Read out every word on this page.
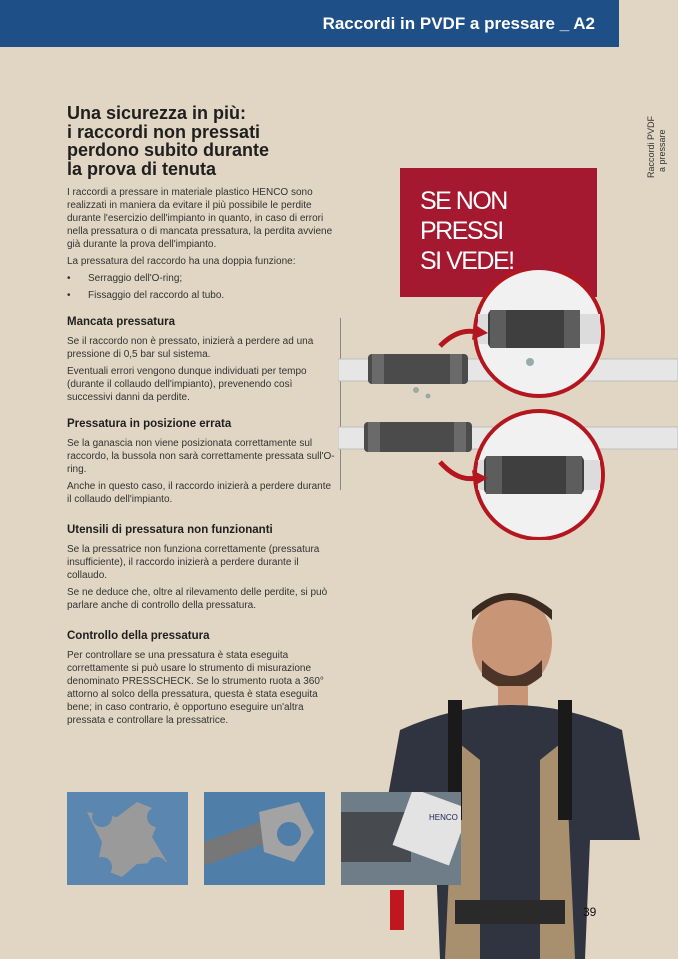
Raccordi in PVDF a pressare _ A2
Raccordi PVDF a pressare
Una sicurezza in più:
i raccordi non pressati
perdono subito durante
la prova di tenuta

I raccordi a pressare in materiale plastico HENCO sono realizzati in maniera da evitare il più possibile le perdite durante l'esercizio dell'impianto in quanto, in caso di errori nella pressatura o di mancata pressatura, la perdita avviene già durante la prova dell'impianto.

La pressatura del raccordo ha una doppia funzione:

• Serraggio dell'O-ring;
• Fissaggio del raccordo al tubo.
Mancata pressatura

Se il raccordo non è pressato, inizierà a perdere ad una pressione di 0,5 bar sul sistema.

Eventuali errori vengono dunque individuati per tempo (durante il collaudo dell'impianto), prevenendo così successivi danni da perdite.

Pressatura in posizione errata

Se la ganascia non viene posizionata correttamente sul raccordo, la bussola non sarà correttamente pressata sull'O-ring.

Anche in questo caso, il raccordo inizierà a perdere durante il collaudo dell'impianto.

Utensili di pressatura non funzionanti

Se la pressatrice non funziona correttamente (pressatura insufficiente), il raccordo inizierà a perdere durante il collaudo.

Se ne deduce che, oltre al rilevamento delle perdite, si può parlare anche di controllo della pressatura.

Controllo della pressatura

Per controllare se una pressatura è stata eseguita correttamente si può usare lo strumento di misurazione denominato PRESSCHECK. Se lo strumento ruota a 360° attorno al solco della pressatura, questa è stata eseguita bene; in caso contrario, è opportuno eseguire un'altra pressata e controllare la pressatrice.

SE NON
PRESSI
SI VEDE!
HENCO
39
